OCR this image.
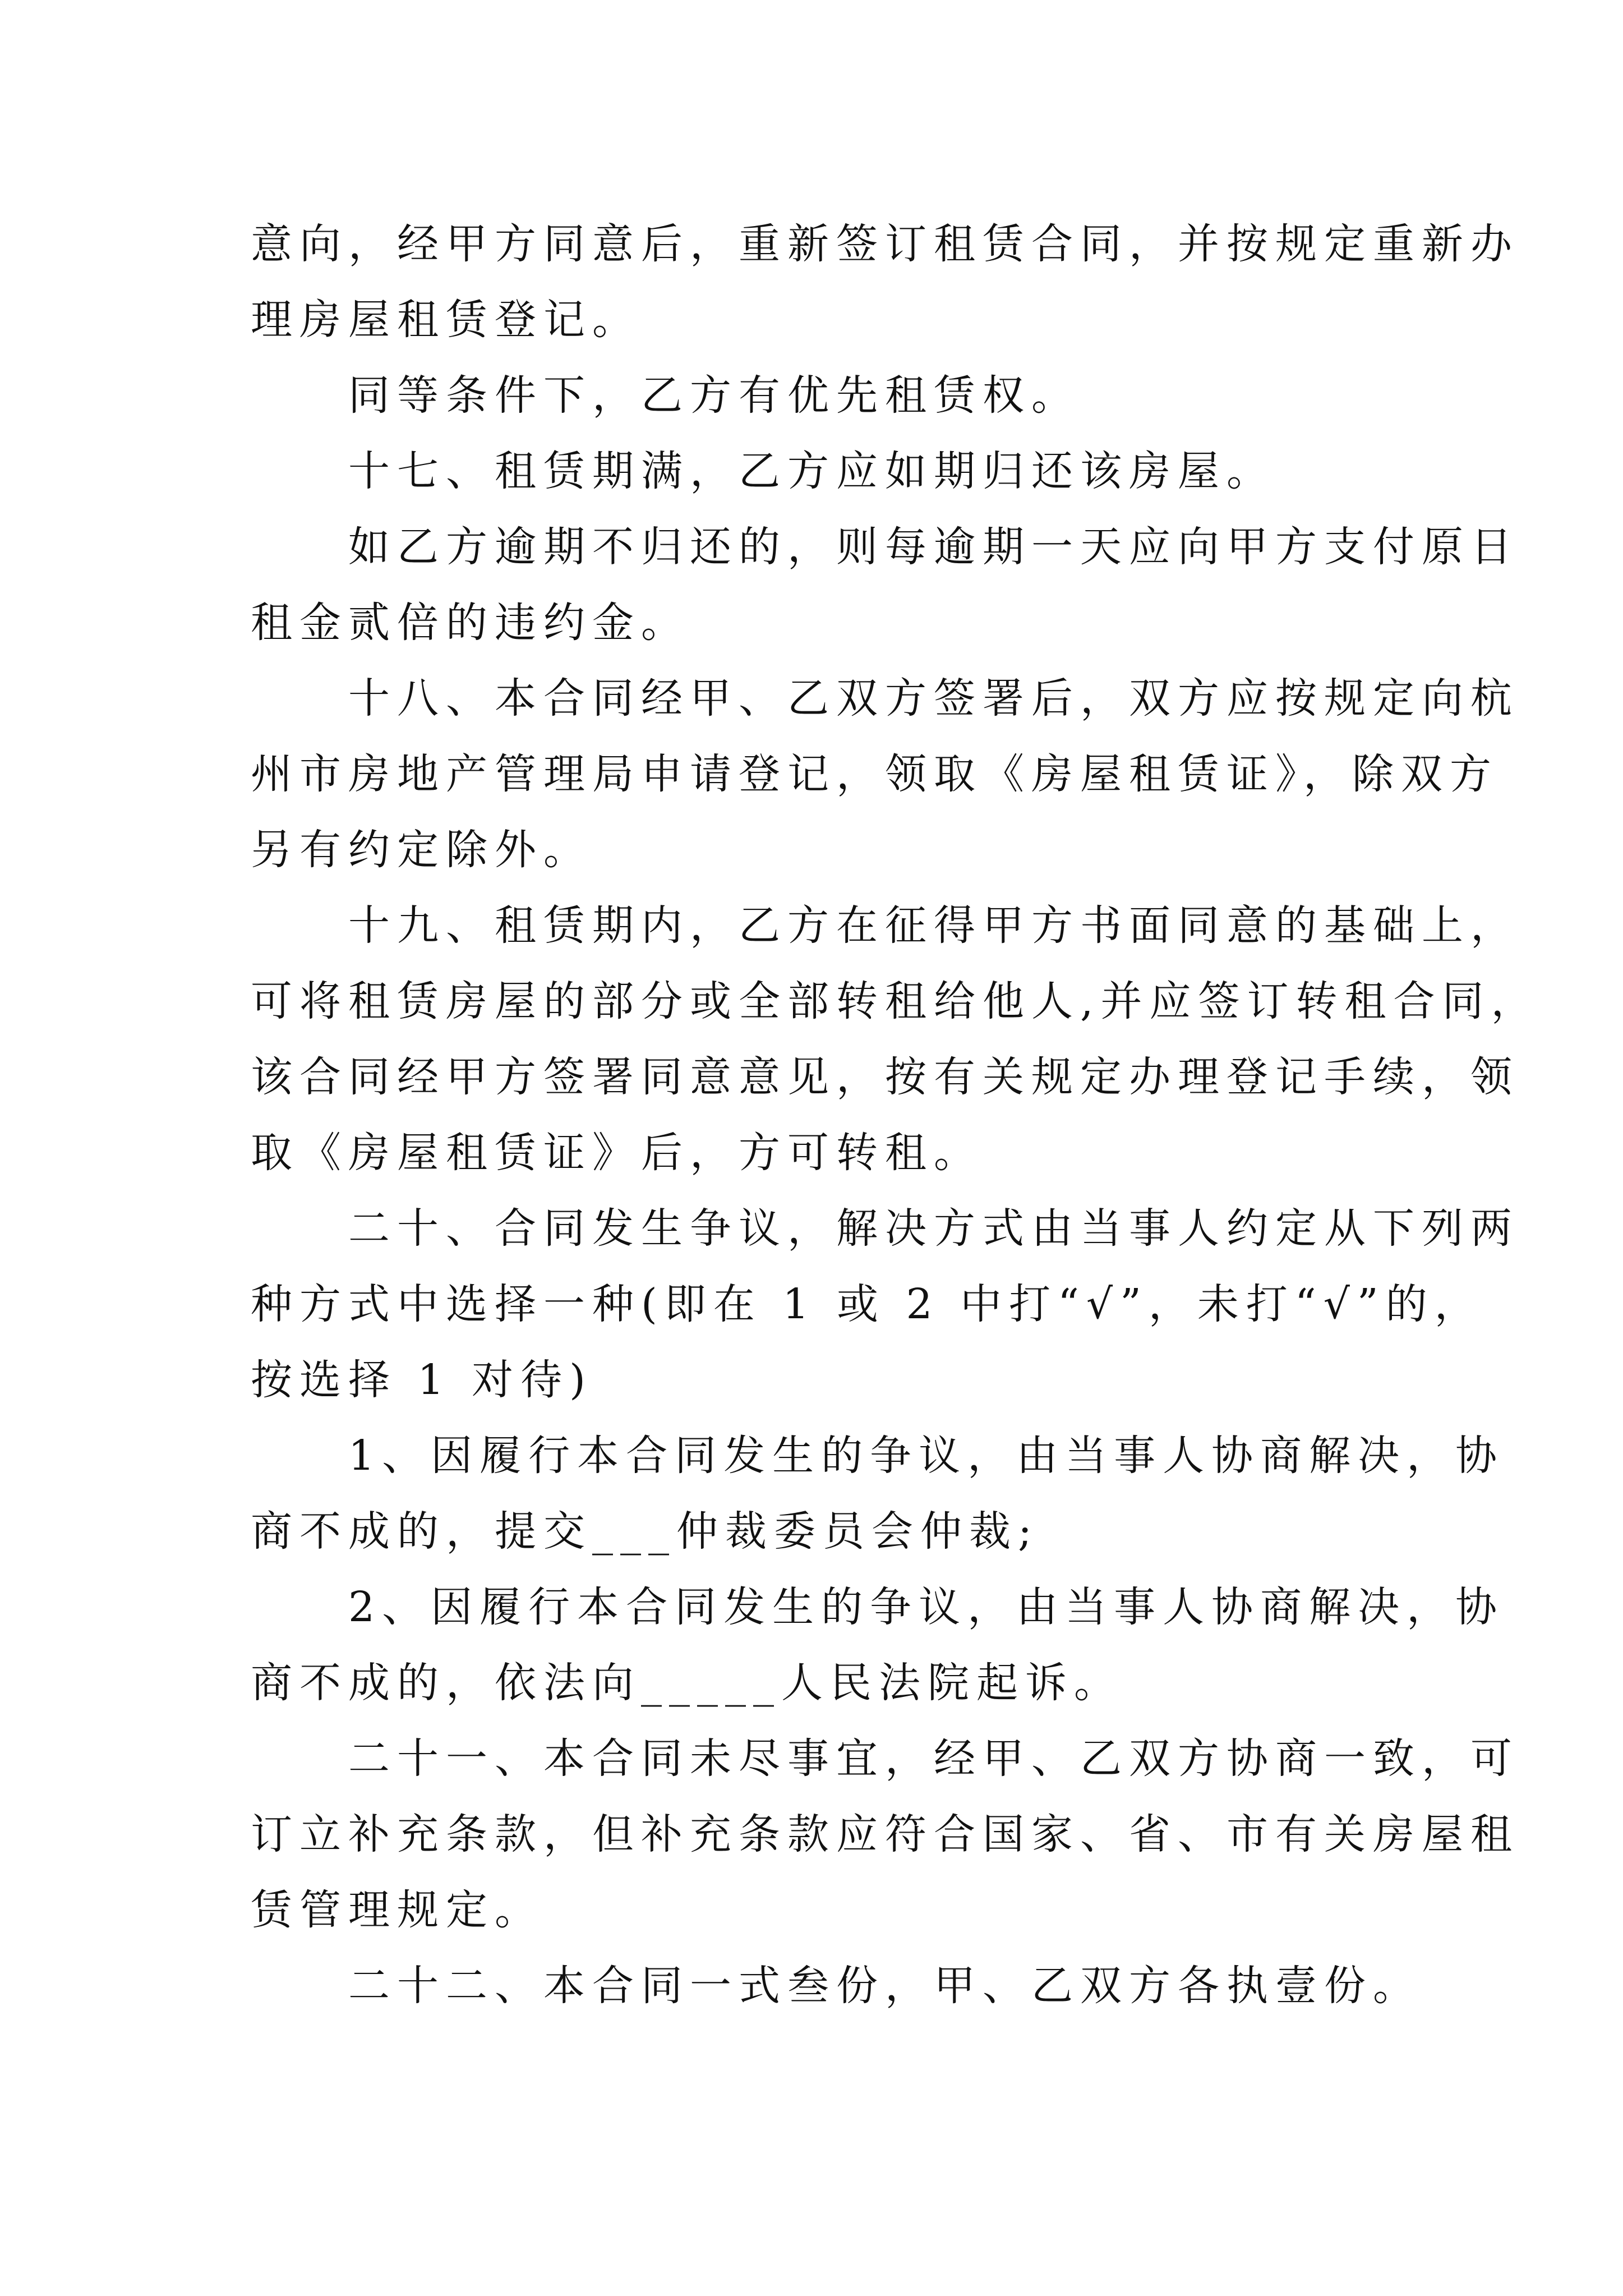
意向，经甲方同意后，重新签订租赁合同，并按规定重新办

理房屋租赁登记。

　　同等条件下，乙方有优先租赁权。

　　十七、租赁期满，乙方应如期归还该房屋。

　　如乙方逾期不归还的，则每逾期一天应向甲方支付原日

租金贰倍的违约金。

　　十八、本合同经甲、乙双方签署后，双方应按规定向杭

州市房地产管理局申请登记，领取《房屋租赁证》，除双方

另有约定除外。

　　十九、租赁期内，乙方在征得甲方书面同意的基础上，

可将租赁房屋的部分或全部转租给他人,并应签订转租合同，

该合同经甲方签署同意意见，按有关规定办理登记手续，领

取《房屋租赁证》后，方可转租。

　　二十、合同发生争议，解决方式由当事人约定从下列两

种方式中选择一种(即在 1 或 2 中打“√”，未打“√”的，

按选择 1 对待)

　　1、因履行本合同发生的争议，由当事人协商解决，协

商不成的，提交___仲裁委员会仲裁;

　　2、因履行本合同发生的争议，由当事人协商解决，协

商不成的，依法向_____人民法院起诉。

　　二十一、本合同未尽事宜，经甲、乙双方协商一致，可

订立补充条款，但补充条款应符合国家、省、市有关房屋租

赁管理规定。

　　二十二、本合同一式叁份，甲、乙双方各执壹份。
